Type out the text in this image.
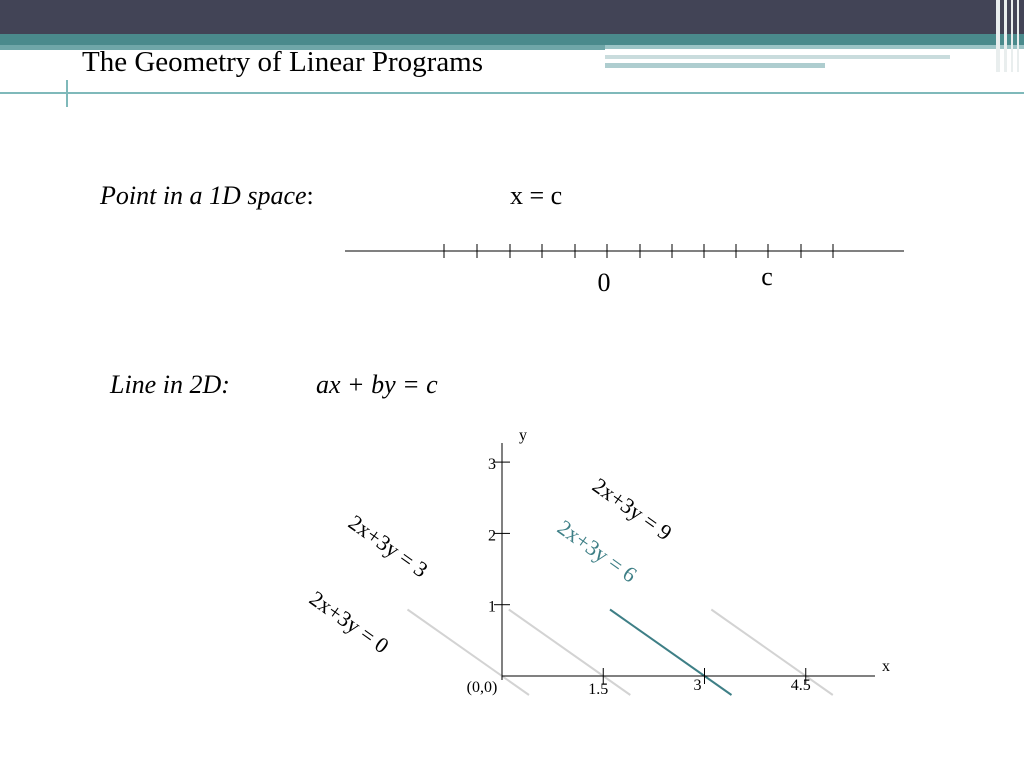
The Geometry of Linear Programs
Point in a 1D space:	x = c
0	c
Line in 2D:	ax + by = c
2x+3y = 0
2x+3y = 3	2x+3y = 6
2x+3y = 9
1.5	3	4.5
1
2
3
y
x
(0,0)
